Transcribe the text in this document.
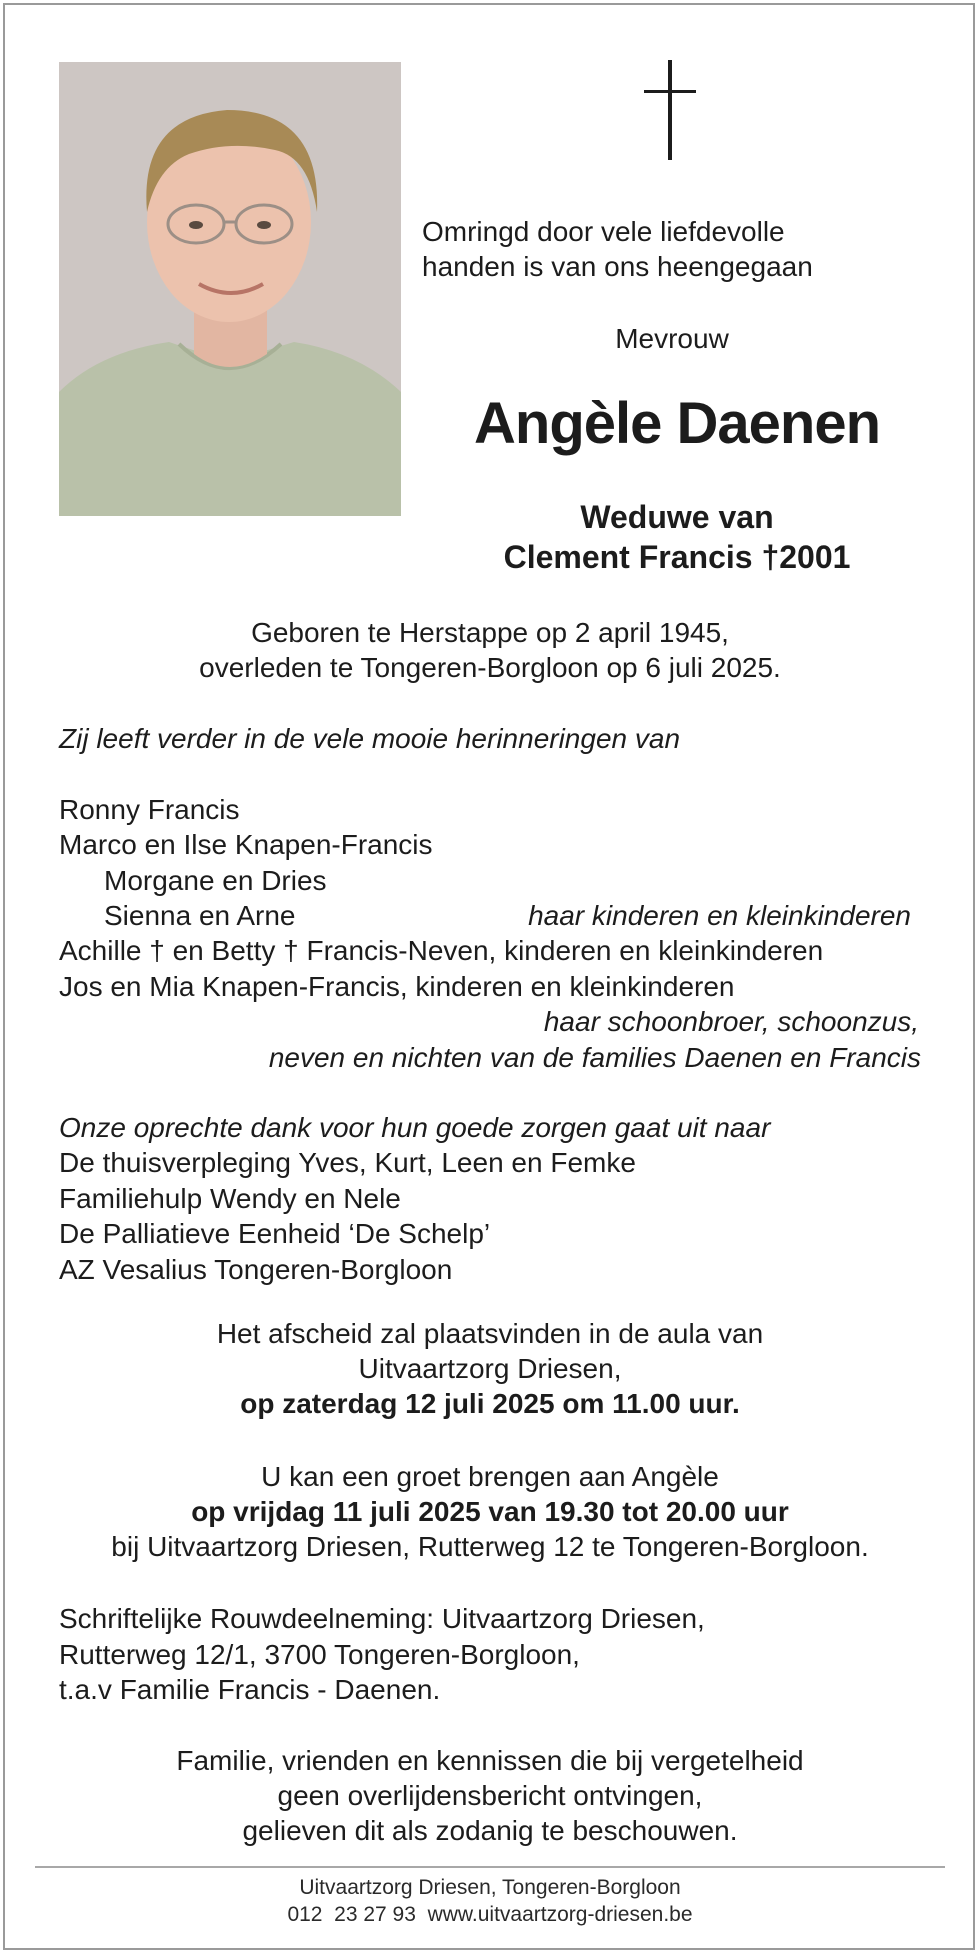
Omringd door vele liefdevolle
handen is van ons heengegaan
Mevrouw
Angèle Daenen
Weduwe van
Clement Francis †2001
Geboren te Herstappe op 2 april 1945,
overleden te Tongeren-Borgloon op 6 juli 2025.
Zij leeft verder in de vele mooie herinneringen van
Ronny Francis
Marco en Ilse Knapen-Francis
Morgane en Dries
Sienna en Arne	haar kinderen en kleinkinderen
Achille † en Betty † Francis-Neven, kinderen en kleinkinderen
Jos en Mia Knapen-Francis, kinderen en kleinkinderen
haar schoonbroer, schoonzus,
neven en nichten van de families Daenen en Francis
Onze oprechte dank voor hun goede zorgen gaat uit naar
De thuisverpleging Yves, Kurt, Leen en Femke
Familiehulp Wendy en Nele
De Palliatieve Eenheid ‘De Schelp’
AZ Vesalius Tongeren-Borgloon
Het afscheid zal plaatsvinden in de aula van
Uitvaartzorg Driesen,
op zaterdag 12 juli 2025 om 11.00 uur.
U kan een groet brengen aan Angèle
op vrijdag 11 juli 2025 van 19.30 tot 20.00 uur
bij Uitvaartzorg Driesen, Rutterweg 12 te Tongeren-Borgloon.
Schriftelijke Rouwdeelneming: Uitvaartzorg Driesen,
Rutterweg 12/1, 3700 Tongeren-Borgloon,
t.a.v Familie Francis - Daenen.
Familie, vrienden en kennissen die bij vergetelheid
geen overlijdensbericht ontvingen,
gelieven dit als zodanig te beschouwen.
Uitvaartzorg Driesen, Tongeren-Borgloon
012  23 27 93  www.uitvaartzorg-driesen.be
